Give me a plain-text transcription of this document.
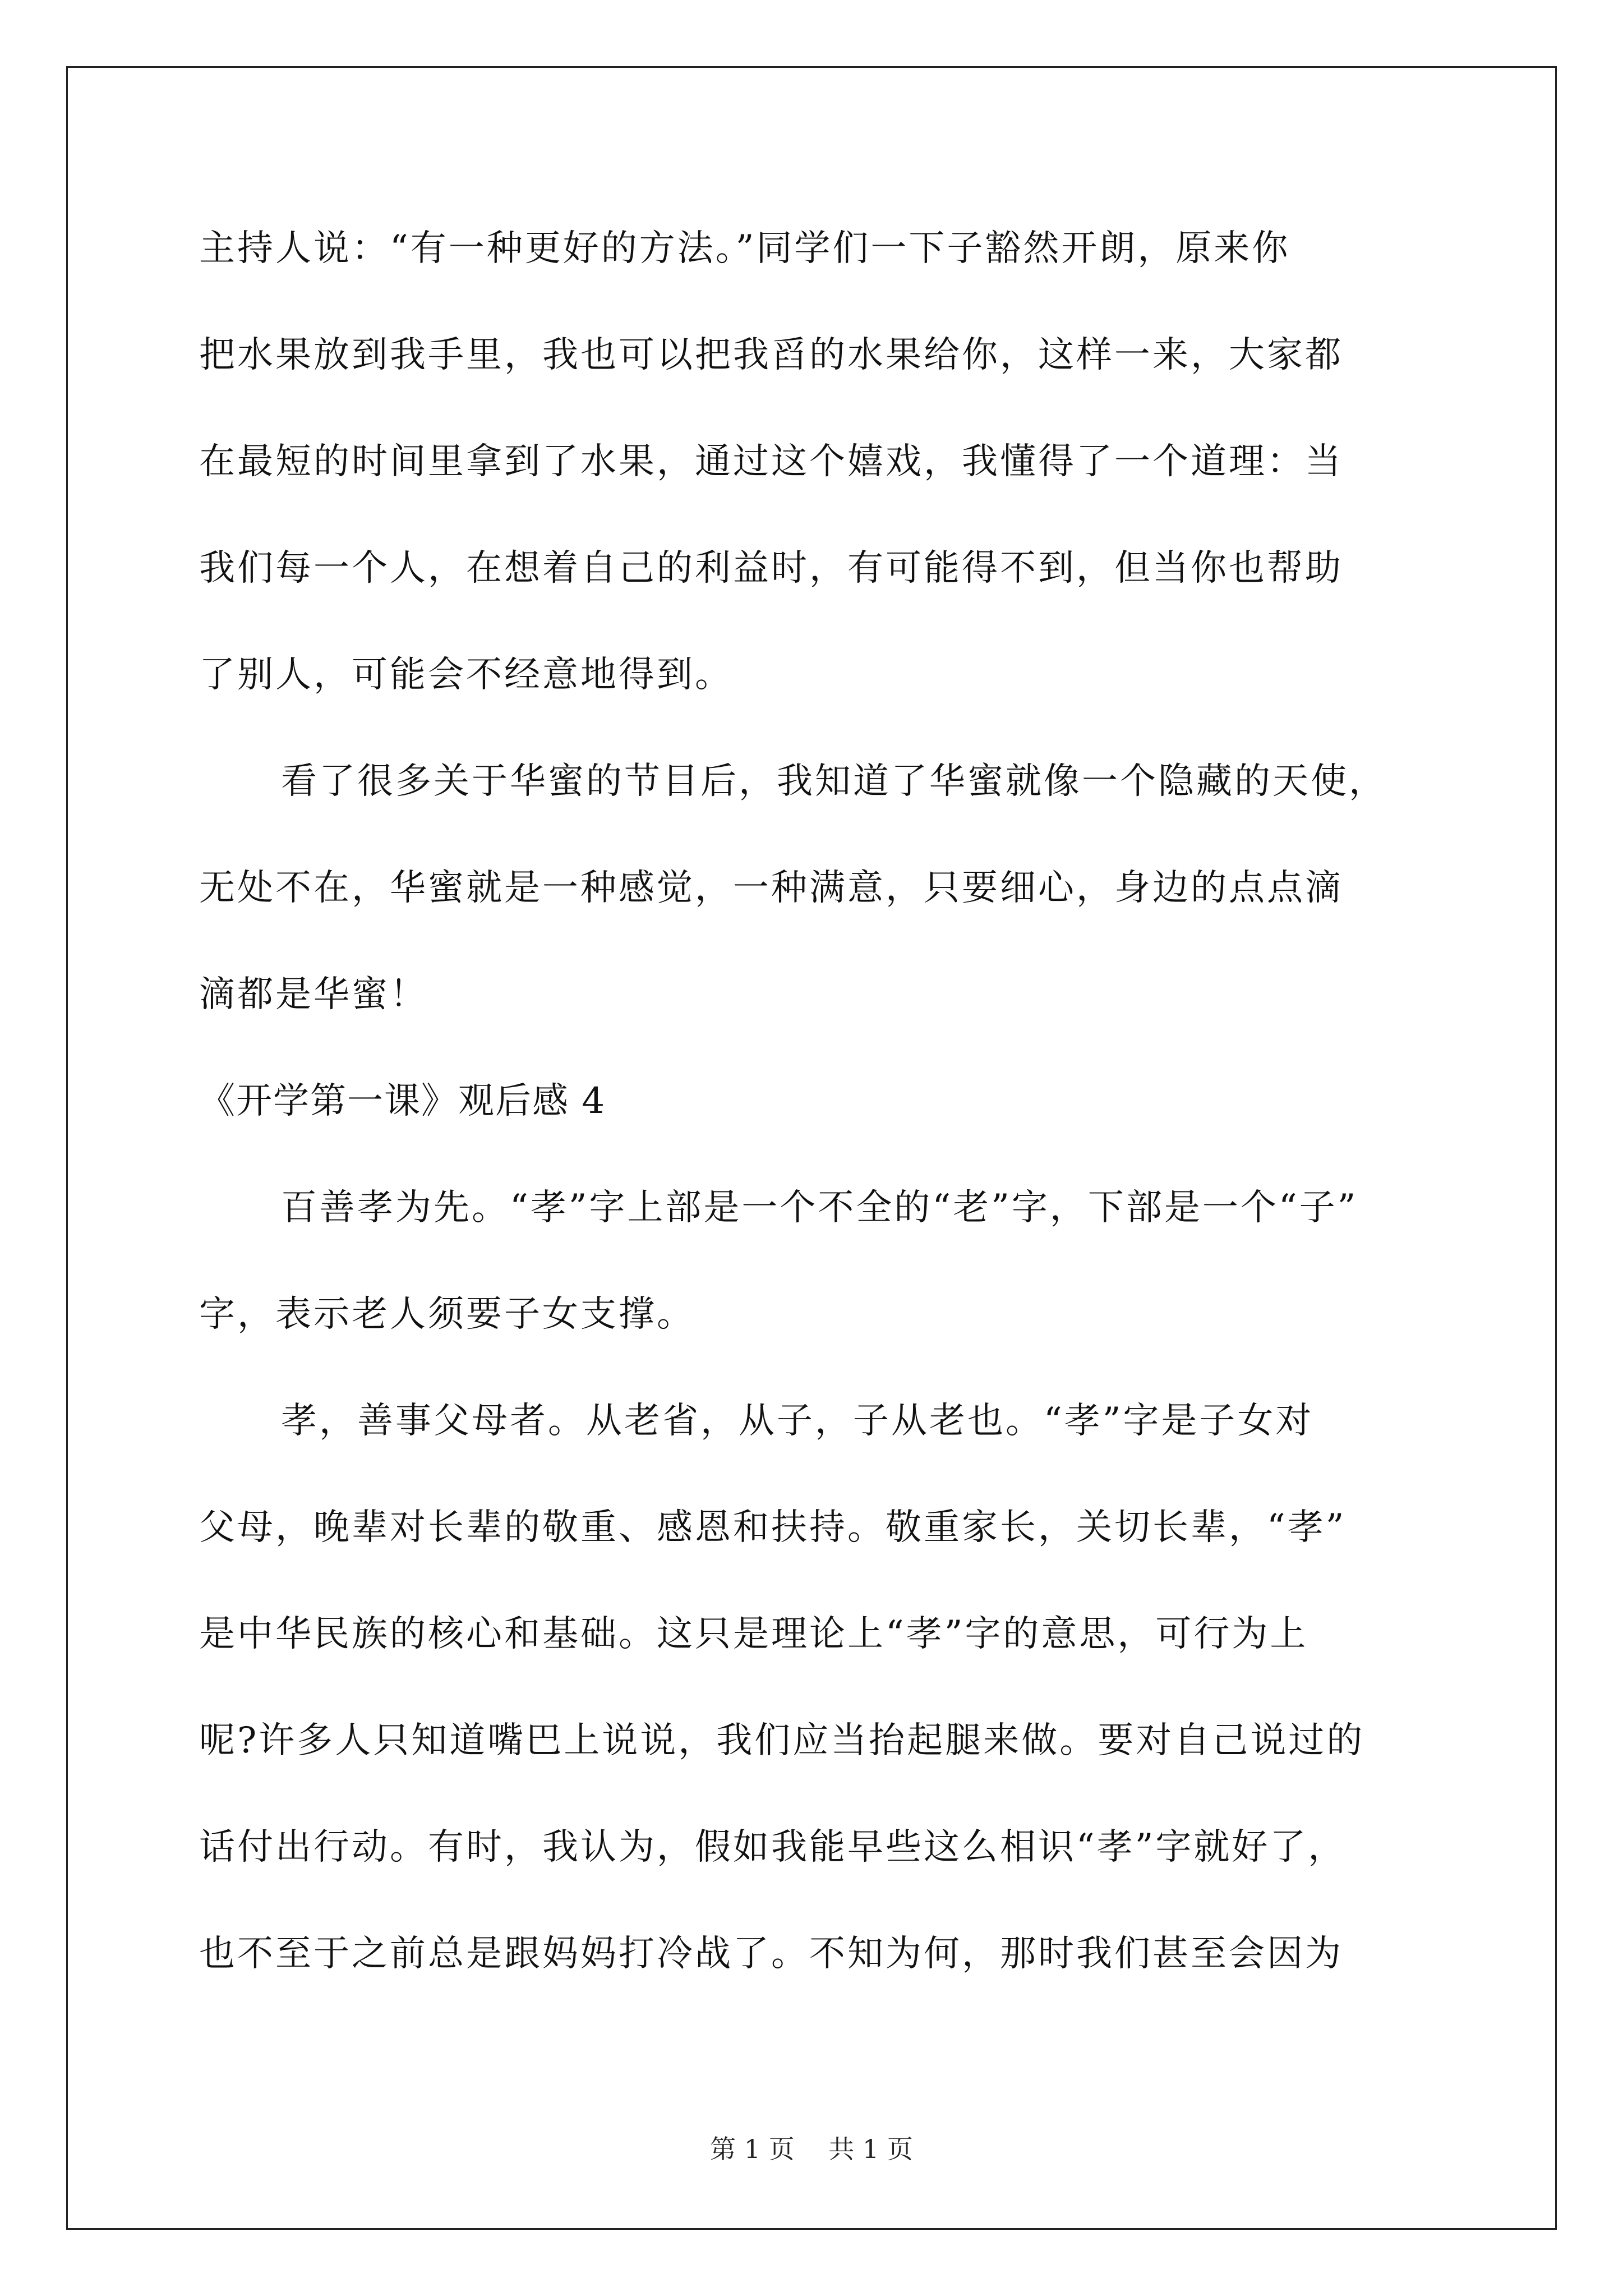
主持人说：“有一种更好的方法。”同学们一下子豁然开朗，原来你
把水果放到我手里，我也可以把我舀的水果给你，这样一来，大家都
在最短的时间里拿到了水果，通过这个嬉戏，我懂得了一个道理：当
我们每一个人，在想着自己的利益时，有可能得不到，但当你也帮助
了别人，可能会不经意地得到。
看了很多关于华蜜的节目后，我知道了华蜜就像一个隐藏的天使，
无处不在，华蜜就是一种感觉，一种满意，只要细心，身边的点点滴
滴都是华蜜！
《开学第一课》观后感 4
百善孝为先。“孝”字上部是一个不全的“老”字，下部是一个“子”
字，表示老人须要子女支撑。
孝，善事父母者。从老省，从子，子从老也。“孝”字是子女对
父母，晚辈对长辈的敬重、感恩和扶持。敬重家长，关切长辈，“孝”
是中华民族的核心和基础。这只是理论上“孝”字的意思，可行为上
呢?许多人只知道嘴巴上说说，我们应当抬起腿来做。要对自己说过的
话付出行动。有时，我认为，假如我能早些这么相识“孝”字就好了，
也不至于之前总是跟妈妈打冷战了。不知为何，那时我们甚至会因为
第 1 页 共 1 页
